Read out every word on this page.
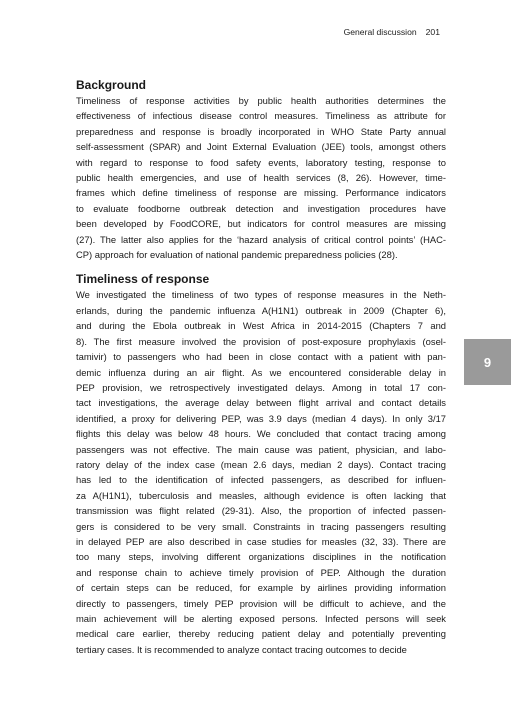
General discussion 201
9
Background

Timeliness of response activities by public health authorities determines the
effectiveness of infectious disease control measures. Timeliness as attribute for
preparedness and response is broadly incorporated in WHO State Party annual
self-assessment (SPAR) and Joint External Evaluation (JEE) tools, amongst others
with regard to response to food safety events, laboratory testing, response to
public health emergencies, and use of health services (8, 26). However, time-
frames which define timeliness of response are missing. Performance indicators
to evaluate foodborne outbreak detection and investigation procedures have
been developed by FoodCORE, but indicators for control measures are missing
(27). The latter also applies for the ‘hazard analysis of critical control points’ (HAC-
CP) approach for evaluation of national pandemic preparedness policies (28).

Timeliness of response

We investigated the timeliness of two types of response measures in the Neth-
erlands, during the pandemic influenza A(H1N1) outbreak in 2009 (Chapter 6),
and during the Ebola outbreak in West Africa in 2014-2015 (Chapters 7 and
8). The first measure involved the provision of post-exposure prophylaxis (osel-
tamivir) to passengers who had been in close contact with a patient with pan-
demic influenza during an air flight. As we encountered considerable delay in
PEP provision, we retrospectively investigated delays. Among in total 17 con-
tact investigations, the average delay between flight arrival and contact details
identified, a proxy for delivering PEP, was 3.9 days (median 4 days). In only 3/17
flights this delay was below 48 hours. We concluded that contact tracing among
passengers was not effective. The main cause was patient, physician, and labo-
ratory delay of the index case (mean 2.6 days, median 2 days). Contact tracing
has led to the identification of infected passengers, as described for influen-
za A(H1N1), tuberculosis and measles, although evidence is often lacking that
transmission was flight related (29-31). Also, the proportion of infected passen-
gers is considered to be very small. Constraints in tracing passengers resulting
in delayed PEP are also described in case studies for measles (32, 33). There are
too many steps, involving different organizations disciplines in the notification
and response chain to achieve timely provision of PEP. Although the duration
of certain steps can be reduced, for example by airlines providing information
directly to passengers, timely PEP provision will be difficult to achieve, and the
main achievement will be alerting exposed persons. Infected persons will seek
medical care earlier, thereby reducing patient delay and potentially preventing
tertiary cases. It is recommended to analyze contact tracing outcomes to decide
